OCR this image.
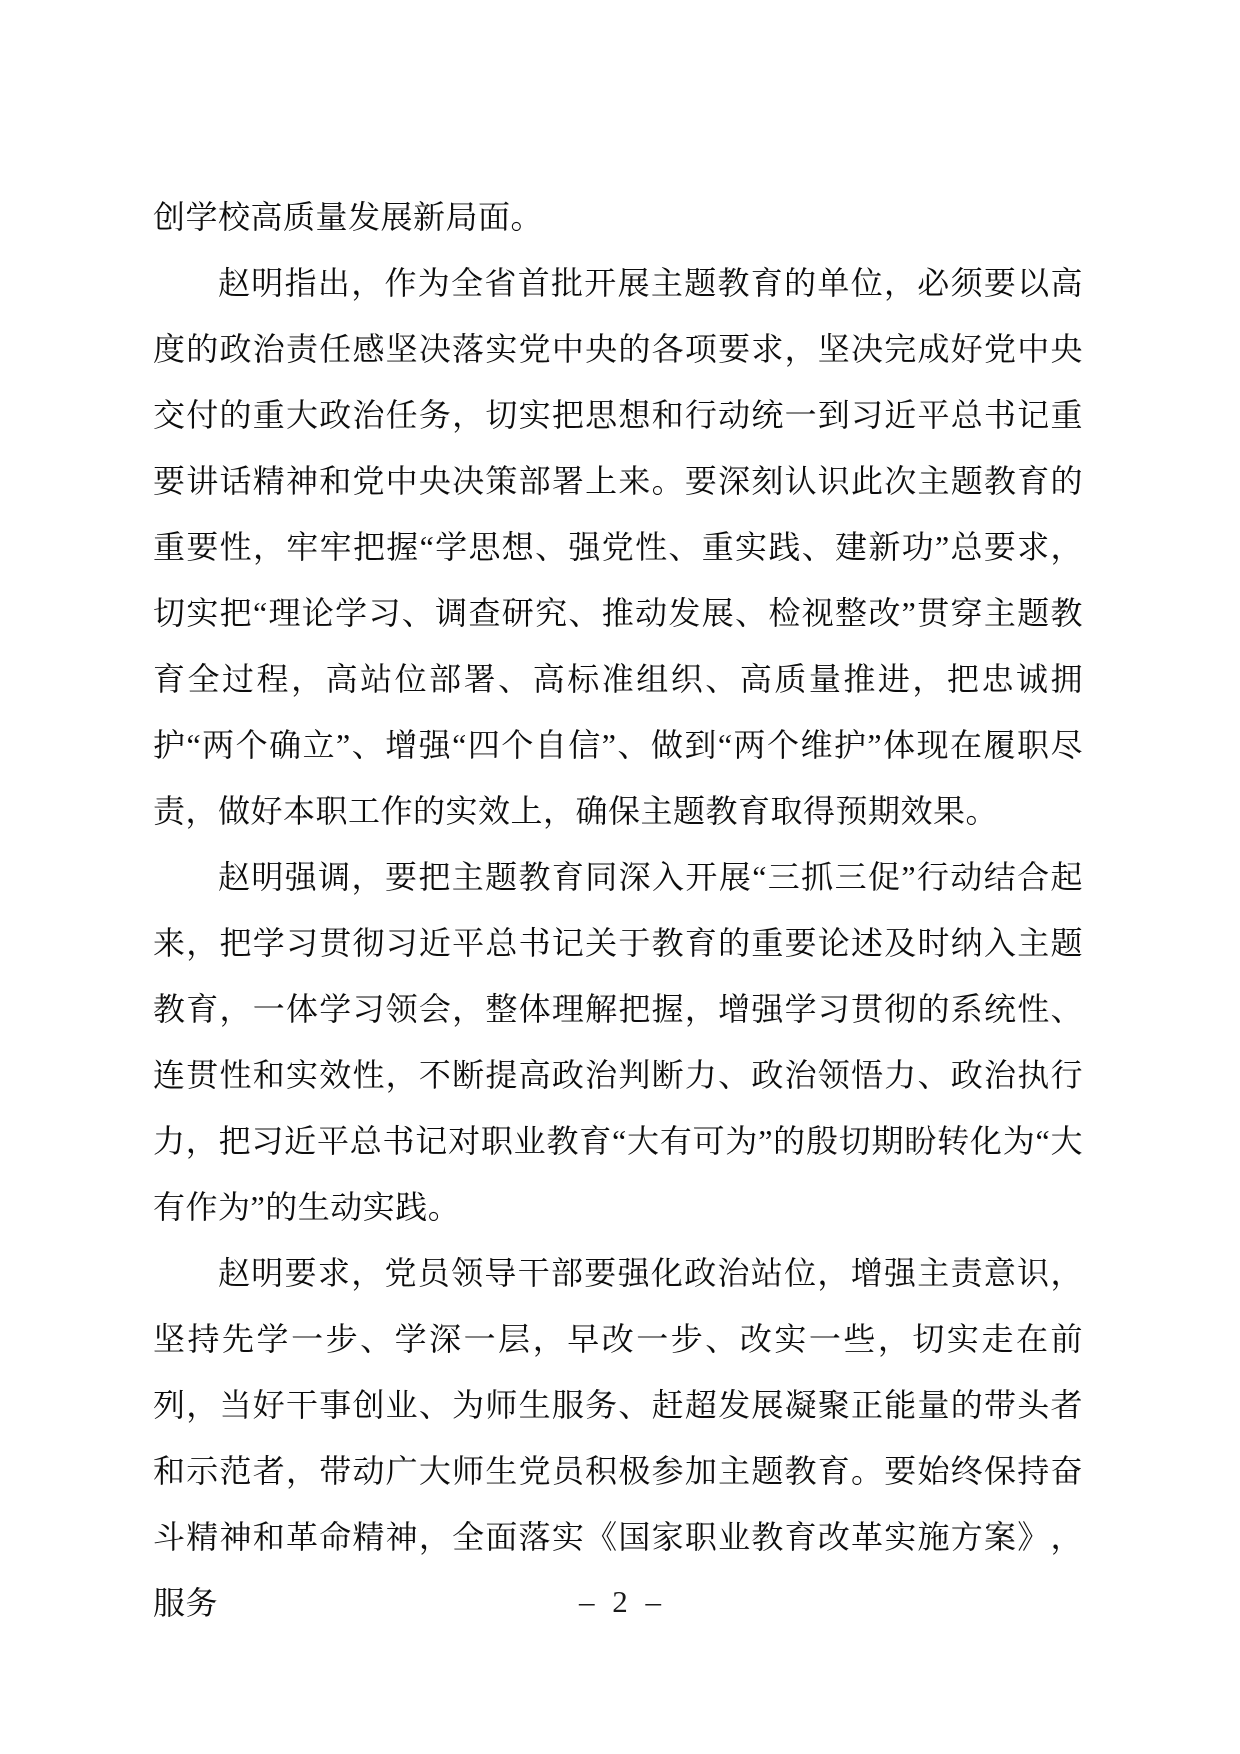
创学校高质量发展新局面。

赵明指出，作为全省首批开展主题教育的单位，必须要以高度的政治责任感坚决落实党中央的各项要求，坚决完成好党中央交付的重大政治任务，切实把思想和行动统一到习近平总书记重要讲话精神和党中央决策部署上来。要深刻认识此次主题教育的重要性，牢牢把握“学思想、强党性、重实践、建新功”总要求，切实把“理论学习、调查研究、推动发展、检视整改”贯穿主题教育全过程，高站位部署、高标准组织、高质量推进，把忠诚拥护“两个确立”、增强“四个自信”、做到“两个维护”体现在履职尽责，做好本职工作的实效上，确保主题教育取得预期效果。

赵明强调，要把主题教育同深入开展“三抓三促”行动结合起来，把学习贯彻习近平总书记关于教育的重要论述及时纳入主题教育，一体学习领会，整体理解把握，增强学习贯彻的系统性、连贯性和实效性，不断提高政治判断力、政治领悟力、政治执行力，把习近平总书记对职业教育“大有可为”的殷切期盼转化为“大有作为”的生动实践。

赵明要求，党员领导干部要强化政治站位，增强主责意识，坚持先学一步、学深一层，早改一步、改实一些，切实走在前列，当好干事创业、为师生服务、赶超发展凝聚正能量的带头者和示范者，带动广大师生党员积极参加主题教育。要始终保持奋斗精神和革命精神，全面落实《国家职业教育改革实施方案》，服务	– 2 –
